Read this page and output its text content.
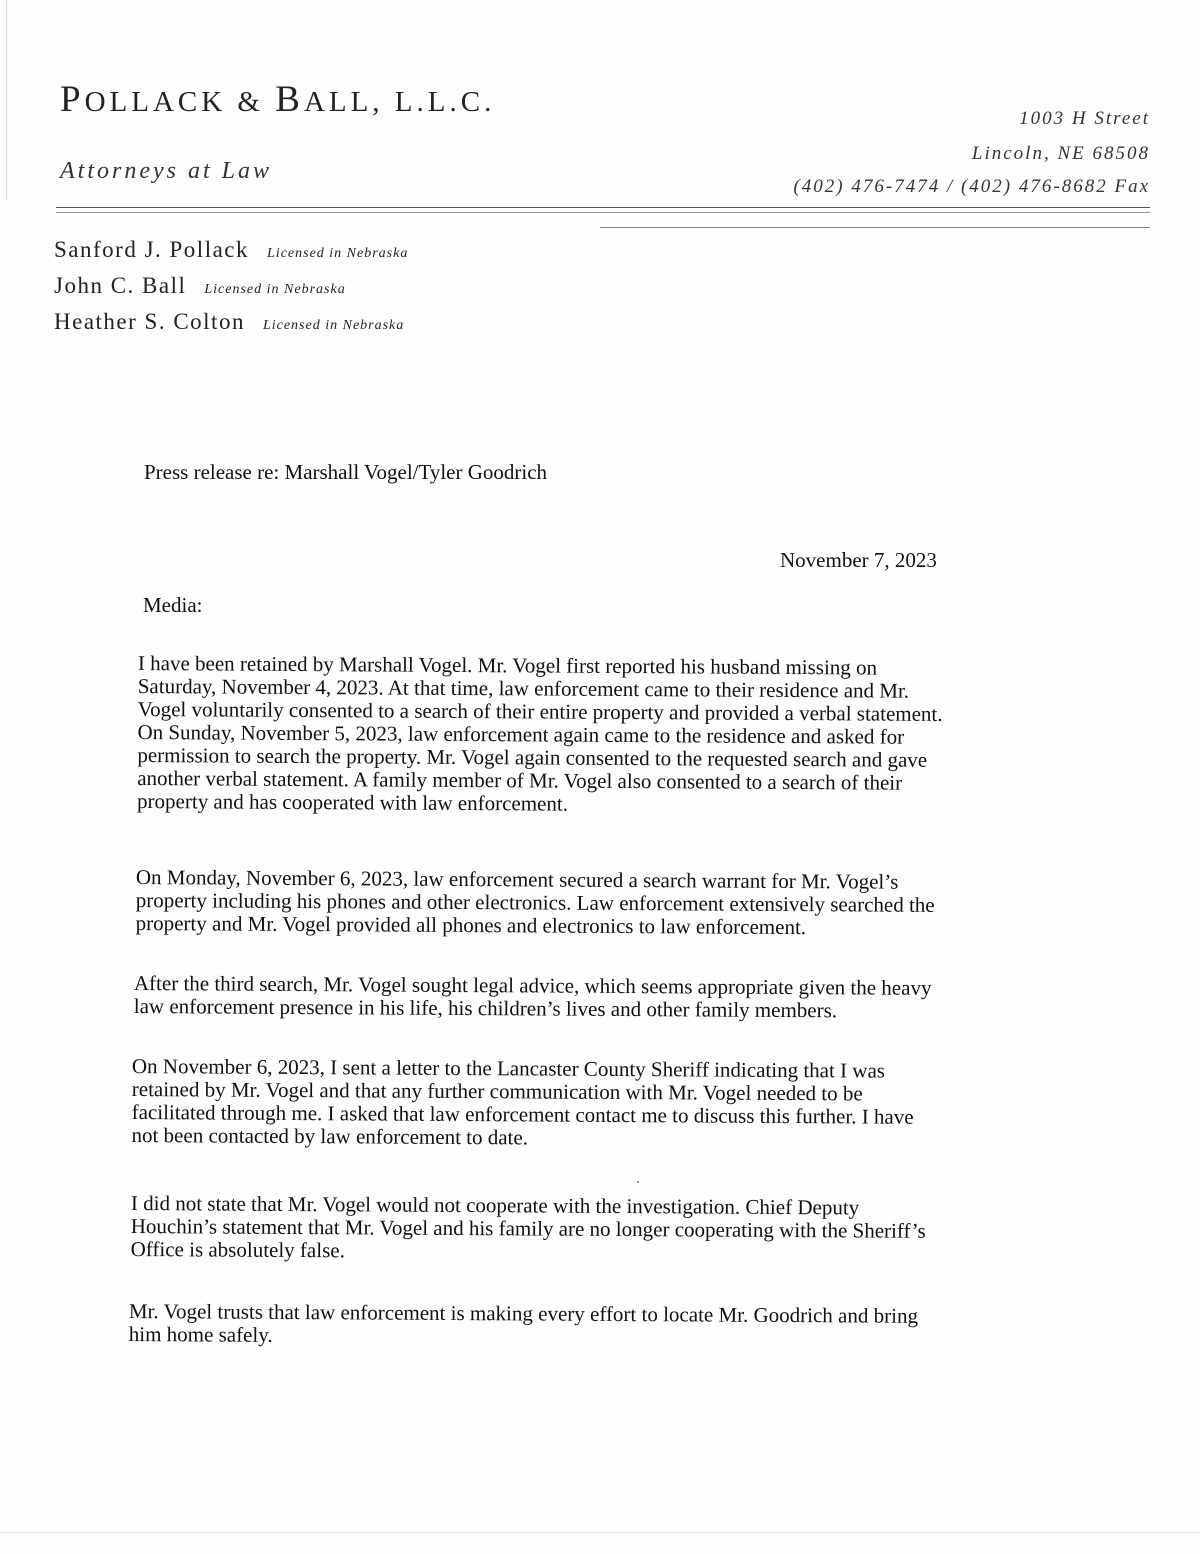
POLLACK & BALL, L.L.C.
Attorneys at Law
1003 H Street
Lincoln, NE 68508
(402) 476-7474 / (402) 476-8682 Fax
Sanford J. Pollack Licensed in Nebraska
John C. Ball Licensed in Nebraska
Heather S. Colton Licensed in Nebraska
Press release re: Marshall Vogel/Tyler Goodrich
November 7, 2023
Media:
I have been retained by Marshall Vogel. Mr. Vogel first reported his husband missing on
Saturday, November 4, 2023. At that time, law enforcement came to their residence and Mr.
Vogel voluntarily consented to a search of their entire property and provided a verbal statement.
On Sunday, November 5, 2023, law enforcement again came to the residence and asked for
permission to search the property. Mr. Vogel again consented to the requested search and gave
another verbal statement. A family member of Mr. Vogel also consented to a search of their
property and has cooperated with law enforcement.
On Monday, November 6, 2023, law enforcement secured a search warrant for Mr. Vogel’s
property including his phones and other electronics. Law enforcement extensively searched the
property and Mr. Vogel provided all phones and electronics to law enforcement.
After the third search, Mr. Vogel sought legal advice, which seems appropriate given the heavy
law enforcement presence in his life, his children’s lives and other family members.
On November 6, 2023, I sent a letter to the Lancaster County Sheriff indicating that I was
retained by Mr. Vogel and that any further communication with Mr. Vogel needed to be
facilitated through me. I asked that law enforcement contact me to discuss this further. I have
not been contacted by law enforcement to date.
I did not state that Mr. Vogel would not cooperate with the investigation. Chief Deputy
Houchin’s statement that Mr. Vogel and his family are no longer cooperating with the Sheriff’s
Office is absolutely false.
Mr. Vogel trusts that law enforcement is making every effort to locate Mr. Goodrich and bring
him home safely.
